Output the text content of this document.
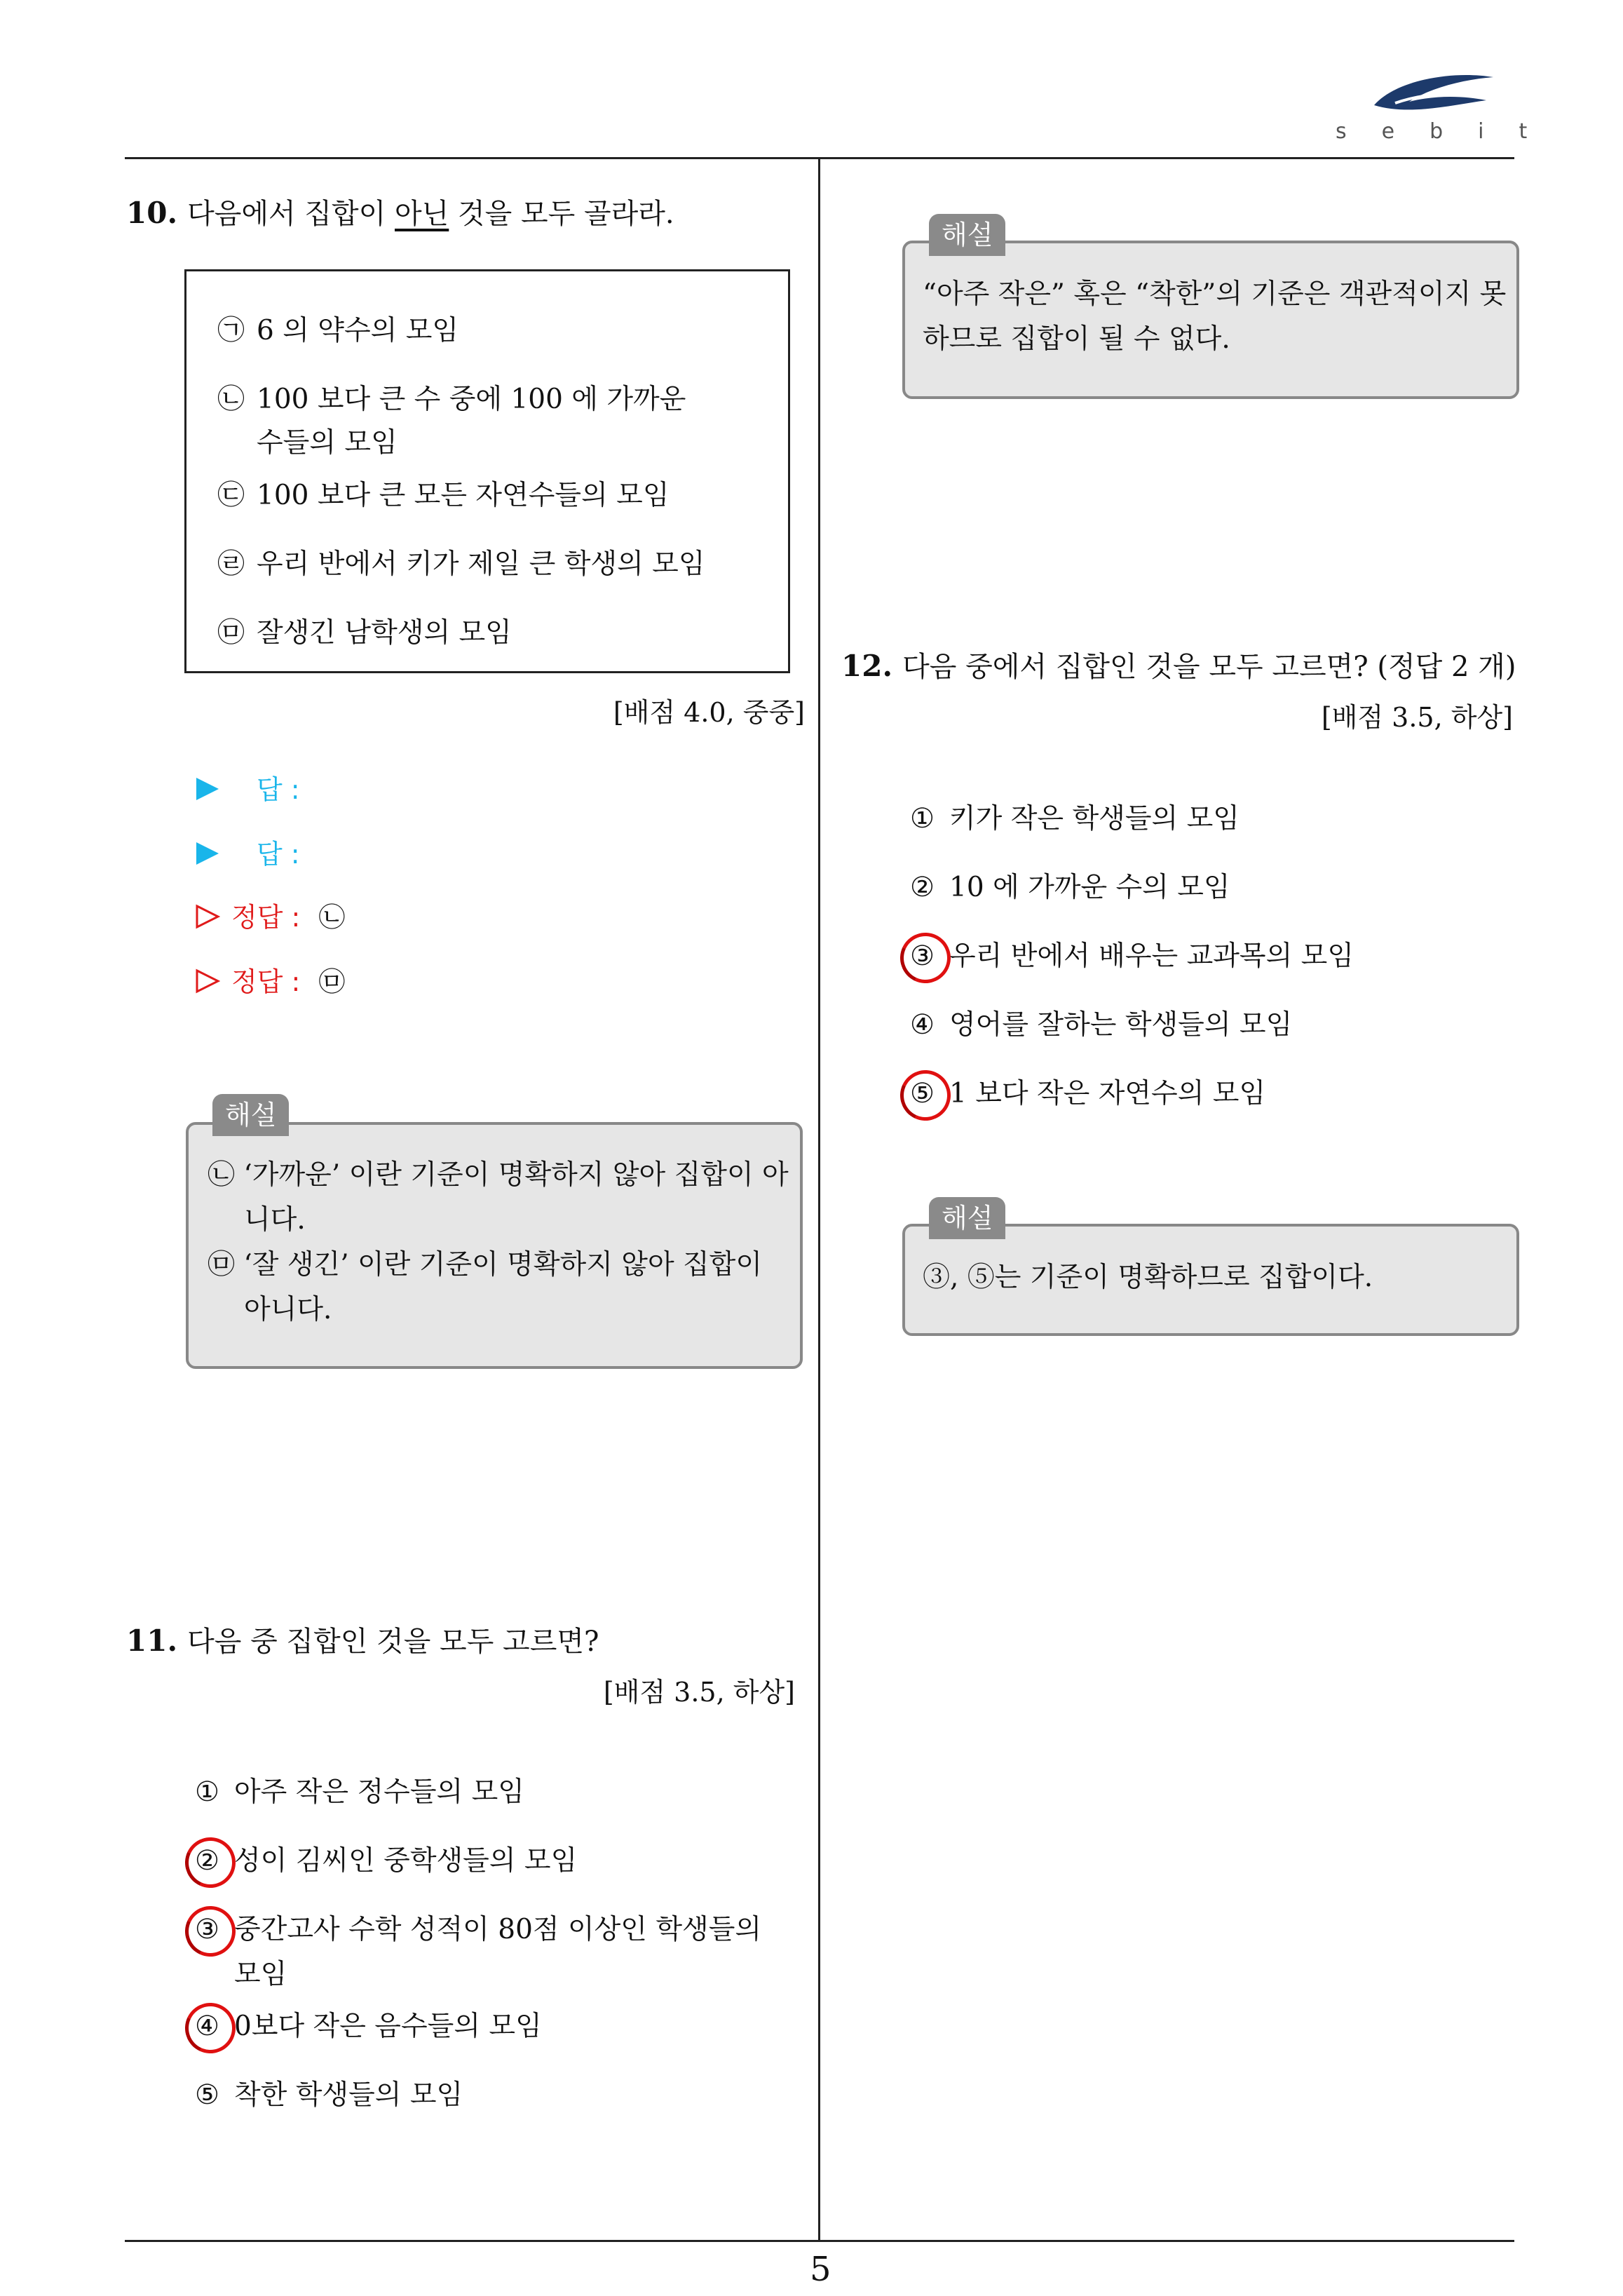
sebit
10. 다음에서 집합이 아닌 것을 모두 골라라.
㉠ 6 의 약수의 모임
㉡ 100 보다 큰 수 중에 100 에 가까운
수들의 모임
㉢ 100 보다 큰 모든 자연수들의 모임
㉣ 우리 반에서 키가 제일 큰 학생의 모임
㉤ 잘생긴 남학생의 모임
[배점 4.0, 중중]
답 :
답 :
정답 : ㉡
정답 : ㉤
해설
㉡ ‘가까운’ 이란 기준이 명확하지 않아 집합이 아
니다.
㉤ ‘잘 생긴’ 이란 기준이 명확하지 않아 집합이
아니다.
11. 다음 중 집합인 것을 모두 고르면?
[배점 3.5, 하상]
① 아주 작은 정수들의 모임
② 성이 김씨인 중학생들의 모임
③ 중간고사 수학 성적이 80점 이상인 학생들의
모임
④ 0보다 작은 음수들의 모임
⑤ 착한 학생들의 모임
해설
“아주 작은” 혹은 “착한”의 기준은 객관적이지 못
하므로 집합이 될 수 없다.
12. 다음 중에서 집합인 것을 모두 고르면? (정답 2 개)
[배점 3.5, 하상]
① 키가 작은 학생들의 모임
② 10 에 가까운 수의 모임
③ 우리 반에서 배우는 교과목의 모임
④ 영어를 잘하는 학생들의 모임
⑤ 1 보다 작은 자연수의 모임
해설
③, ⑤는 기준이 명확하므로 집합이다.
5
